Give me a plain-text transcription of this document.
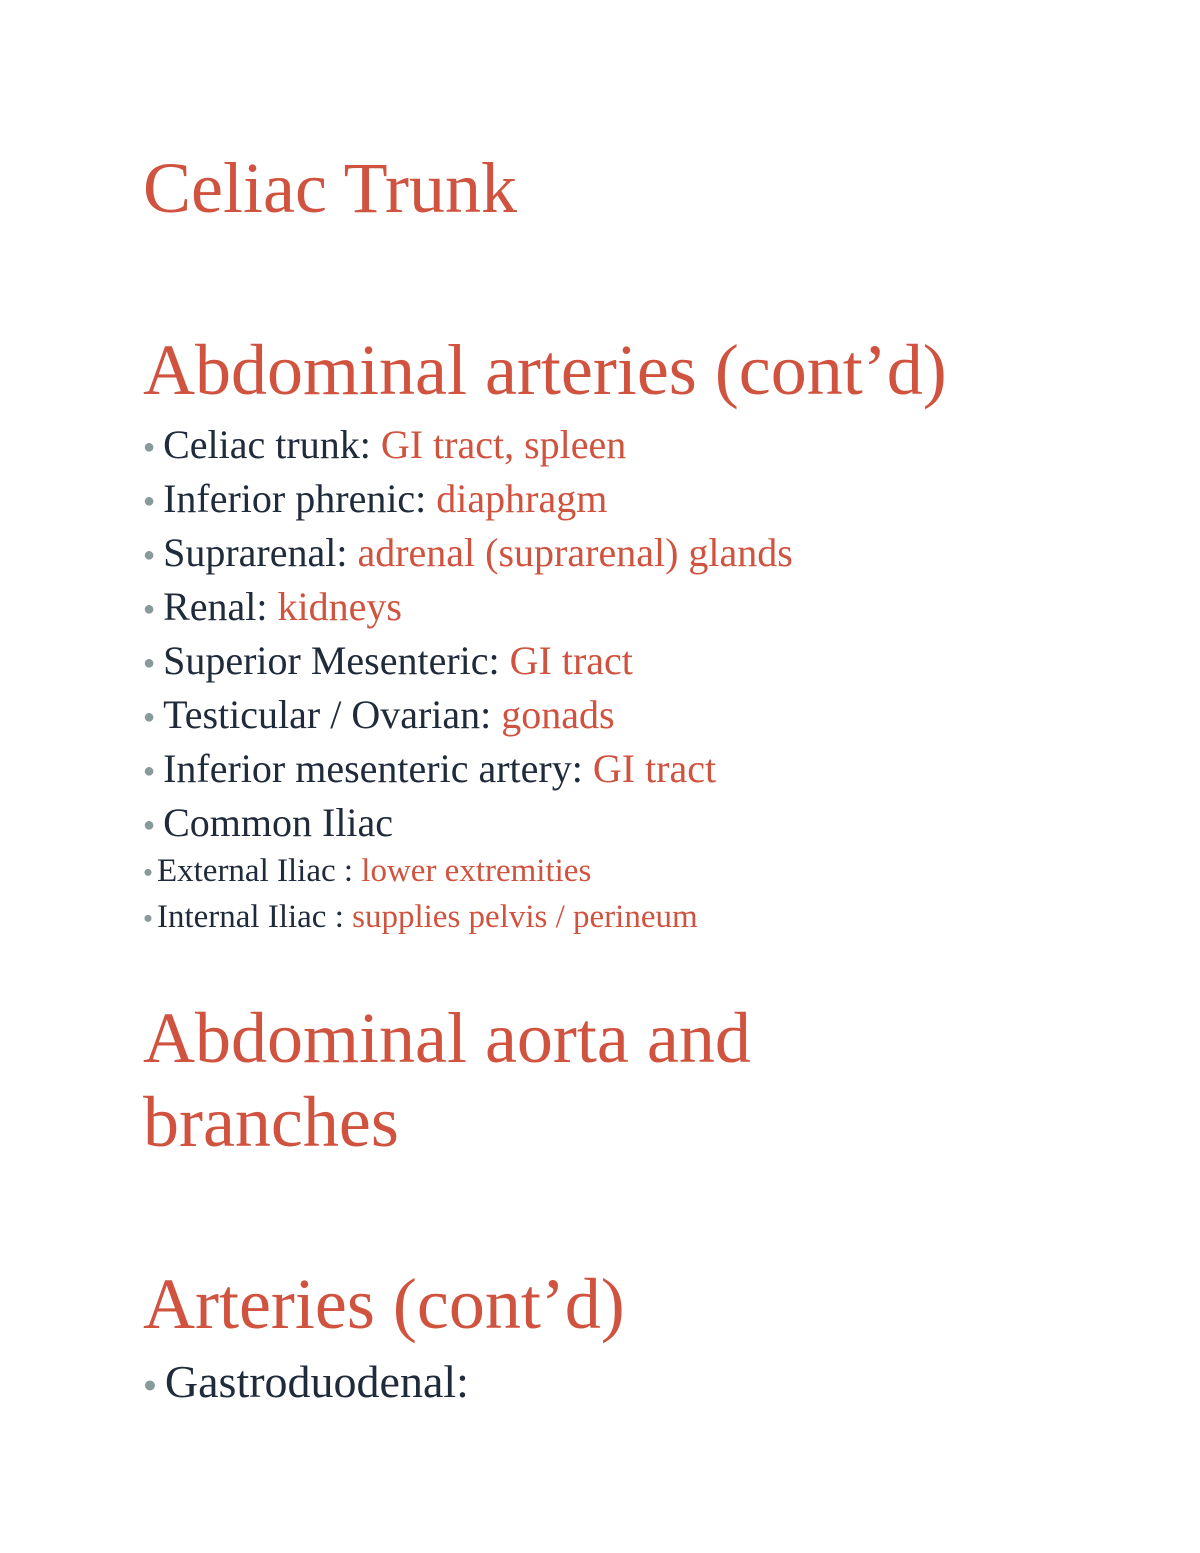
Celiac Trunk
Abdominal arteries (cont’d)
● Celiac trunk: GI tract, spleen
● Inferior phrenic: diaphragm
● Suprarenal: adrenal (suprarenal) glands
● Renal: kidneys
● Superior Mesenteric: GI tract
● Testicular / Ovarian: gonads
● Inferior mesenteric artery: GI tract
● Common Iliac
● External Iliac : lower extremities
● Internal Iliac : supplies pelvis / perineum
Abdominal aorta and
branches
Arteries (cont’d)
● Gastroduodenal:
